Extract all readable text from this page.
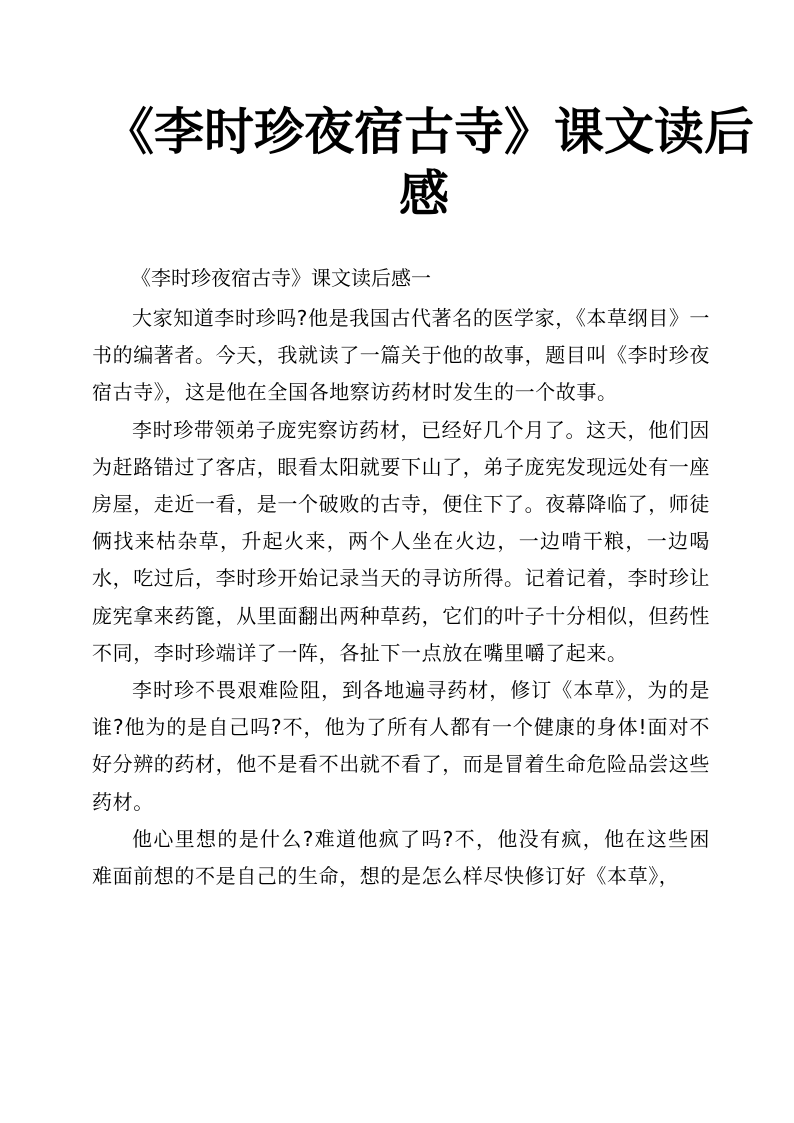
《李时珍夜宿古寺》课文读后
感
《李时珍夜宿古寺》课文读后感一

大家知道李时珍吗?他是我国古代著名的医学家，《本草纲目》一书的编著者。今天，我就读了一篇关于他的故事，题目叫《李时珍夜宿古寺》，这是他在全国各地察访药材时发生的一个故事。

李时珍带领弟子庞宪察访药材，已经好几个月了。这天，他们因为赶路错过了客店，眼看太阳就要下山了，弟子庞宪发现远处有一座房屋，走近一看，是一个破败的古寺，便住下了。夜幕降临了，师徒俩找来枯杂草，升起火来，两个人坐在火边，一边啃干粮，一边喝水，吃过后，李时珍开始记录当天的寻访所得。记着记着，李时珍让庞宪拿来药篦，从里面翻出两种草药，它们的叶子十分相似，但药性不同，李时珍端详了一阵，各扯下一点放在嘴里嚼了起来。

李时珍不畏艰难险阻，到各地遍寻药材，修订《本草》，为的是谁?他为的是自己吗?不，他为了所有人都有一个健康的身体!面对不好分辨的药材，他不是看不出就不看了，而是冒着生命危险品尝这些药材。

他心里想的是什么?难道他疯了吗?不，他没有疯，他在这些困难面前想的不是自己的生命，想的是怎么样尽快修订好《本草》，
